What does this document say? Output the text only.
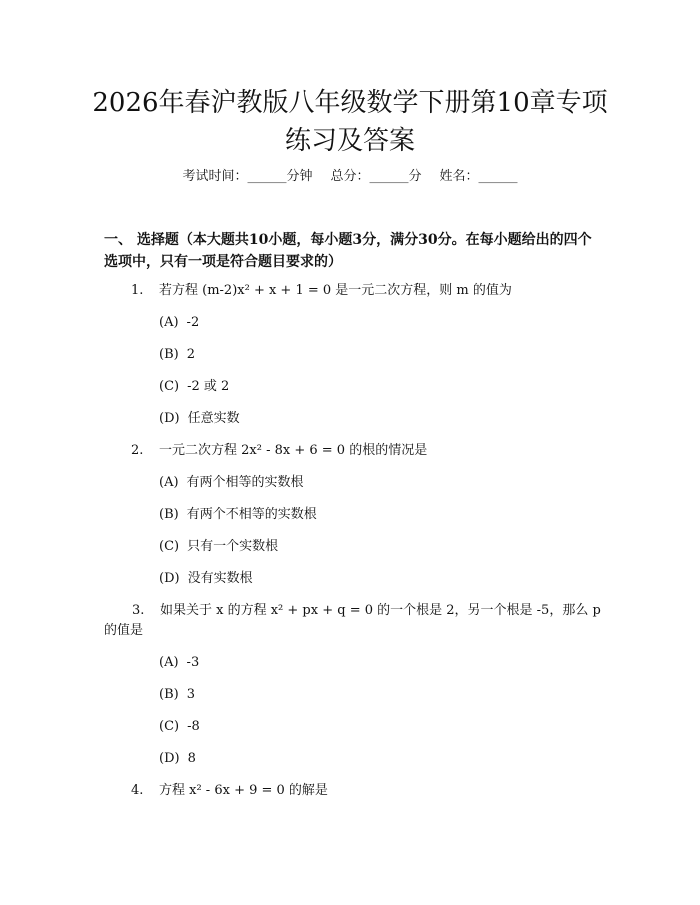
2026年春沪教版八年级数学下册第10章专项练习及答案
考试时间：______分钟 总分：______分 姓名：______

一、 选择题（本大题共10小题，每小题3分，满分30分。在每小题给出的四个选项中，只有一项是符合题目要求的）

1. 若方程 (m-2)x² + x + 1 = 0 是一元二次方程，则 m 的值为
(A) -2
(B) 2
(C) -2 或 2
(D) 任意实数
2. 一元二次方程 2x² - 8x + 6 = 0 的根的情况是
(A) 有两个相等的实数根
(B) 有两个不相等的实数根
(C) 只有一个实数根
(D) 没有实数根
3. 如果关于 x 的方程 x² + px + q = 0 的一个根是 2，另一个根是 -5，那么 p 的值是
(A) -3
(B) 3
(C) -8
(D) 8
4. 方程 x² - 6x + 9 = 0 的解是
